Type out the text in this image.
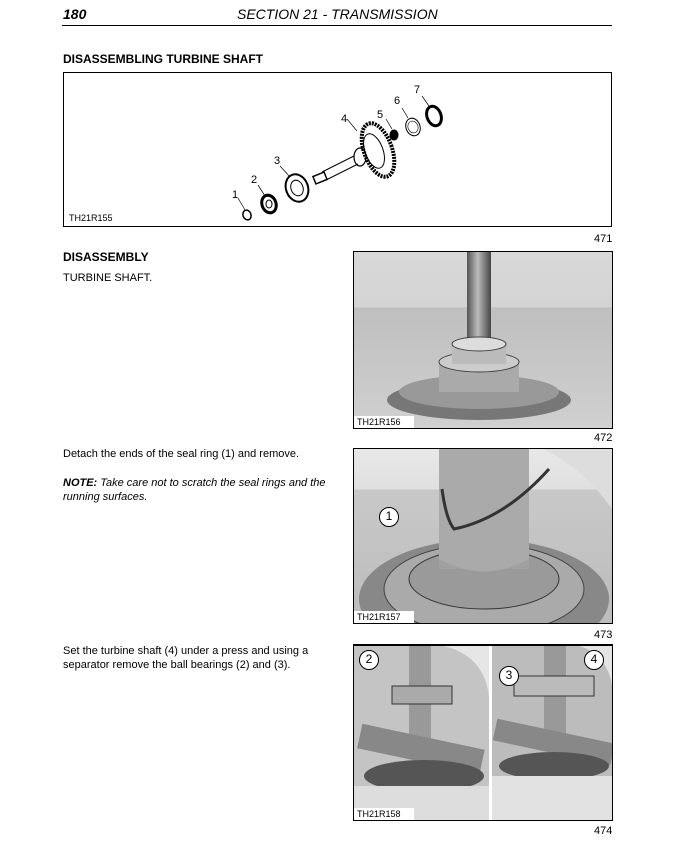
180	SECTION 21 - TRANSMISSION
DISASSEMBLING TURBINE SHAFT
1
2
3
4	5
6
7
TH21R155
471
DISASSEMBLY
TURBINE SHAFT.
TH21R156
472
Detach the ends of the seal ring (1) and remove.
NOTE: Take care not to scratch the seal rings and the running surfaces.
1
TH21R157
473
Set the turbine shaft (4) under a press and using a separator remove the ball bearings (2) and (3).	2
3
4
TH21R158
474
